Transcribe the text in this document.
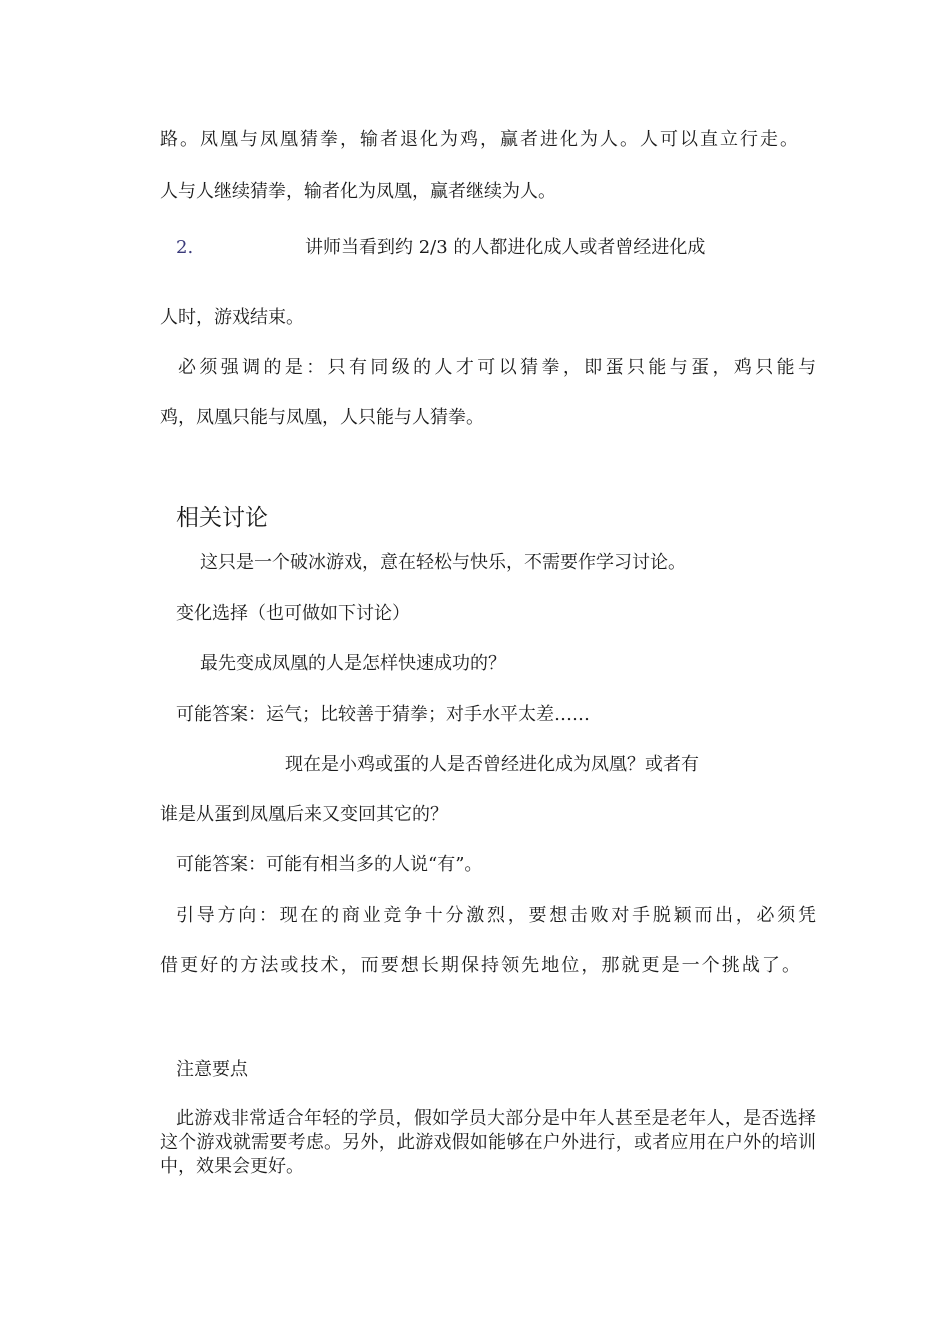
路。凤凰与凤凰猜拳，输者退化为鸡，赢者进化为人。人可以直立行走。
人与人继续猜拳，输者化为凤凰，赢者继续为人。
2.	讲师当看到约 2/3 的人都进化成人或者曾经进化成
人时，游戏结束。
必须强调的是：只有同级的人才可以猜拳，即蛋只能与蛋，鸡只能与
鸡，凤凰只能与凤凰，人只能与人猜拳。
相关讨论
这只是一个破冰游戏，意在轻松与快乐，不需要作学习讨论。
变化选择（也可做如下讨论）
最先变成凤凰的人是怎样快速成功的？
可能答案：运气；比较善于猜拳；对手水平太差……
现在是小鸡或蛋的人是否曾经进化成为凤凰？或者有
谁是从蛋到凤凰后来又变回其它的？
可能答案：可能有相当多的人说“有”。
引导方向：现在的商业竞争十分激烈，要想击败对手脱颖而出，必须凭
借更好的方法或技术，而要想长期保持领先地位，那就更是一个挑战了。
注意要点
此游戏非常适合年轻的学员，假如学员大部分是中年人甚至是老年人，是否选择这个游戏就需要考虑。另外，此游戏假如能够在户外进行，或者应用在户外的培训中，效果会更好。
